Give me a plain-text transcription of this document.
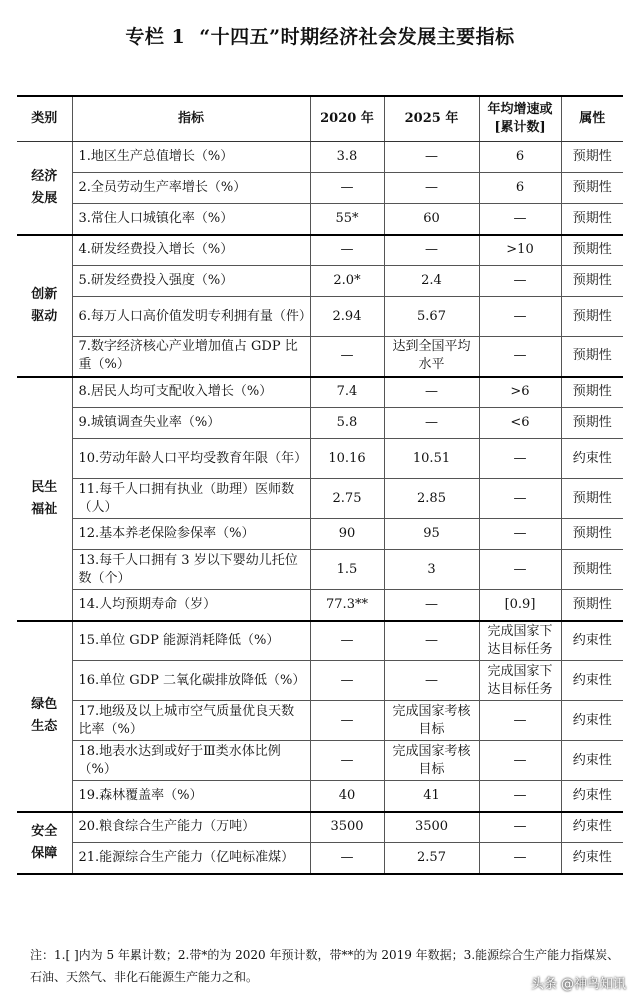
专栏 1 “十四五”时期经济社会发展主要指标
类别	指标	2020 年	2025 年	年均增速或[累计数]	属性
经济发展	1.地区生产总值增长（%）	3.8	—	6	预期性
	2.全员劳动生产率增长（%）	—	—	6	预期性
	3.常住人口城镇化率（%）	55*	60	—	预期性
创新驱动	4.研发经费投入增长（%）	—	—	>10	预期性
	5.研发经费投入强度（%）	2.0*	2.4	—	预期性
	6.每万人口高价值发明专利拥有量（件）	2.94	5.67	—	预期性
	7.数字经济核心产业增加值占 GDP 比重（%）	—	达到全国平均水平	—	预期性
民生福祉	8.居民人均可支配收入增长（%）	7.4	—	>6	预期性
	9.城镇调查失业率（%）	5.8	—	<6	预期性
	10.劳动年龄人口平均受教育年限（年）	10.16	10.51	—	约束性
	11.每千人口拥有执业（助理）医师数（人）	2.75	2.85	—	预期性
	12.基本养老保险参保率（%）	90	95	—	预期性
	13.每千人口拥有 3 岁以下婴幼儿托位数（个）	1.5	3	—	预期性
	14.人均预期寿命（岁）	77.3**	—	[0.9]	预期性
绿色生态	15.单位 GDP 能源消耗降低（%）	—	—	完成国家下达目标任务	约束性
	16.单位 GDP 二氧化碳排放降低（%）	—	—	完成国家下达目标任务	约束性
	17.地级及以上城市空气质量优良天数比率（%）	—	完成国家考核目标	—	约束性
	18.地表水达到或好于Ⅲ类水体比例（%）	—	完成国家考核目标	—	约束性
	19.森林覆盖率（%）	40	41	—	约束性
安全保障	20.粮食综合生产能力（万吨）	3500	3500	—	约束性
	21.能源综合生产能力（亿吨标准煤）	—	2.57	—	约束性
注：1.[ ]内为 5 年累计数；2.带*的为 2020 年预计数，带**的为 2019 年数据；3.能源综合生产能力指煤炭、石油、天然气、非化石能源生产能力之和。	头条 @神鸟知讯
